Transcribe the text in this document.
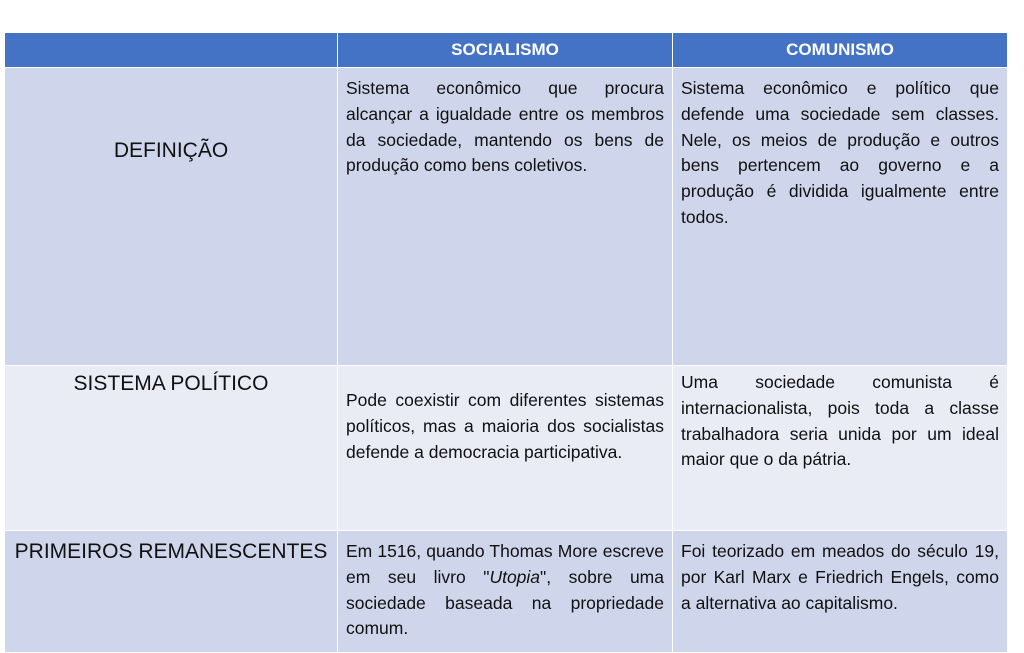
	SOCIALISMO	COMUNISMO
DEFINIÇÃO	Sistema econômico que procura alcançar a igualdade entre os membros da sociedade, mantendo os bens de produção como bens coletivos.	Sistema econômico e político que defende uma sociedade sem classes. Nele, os meios de produção e outros bens pertencem ao governo e a produção é dividida igualmente entre todos.
SISTEMA POLÍTICO	Pode coexistir com diferentes sistemas políticos, mas a maioria dos socialistas defende a democracia participativa.	Uma sociedade comunista é internacionalista, pois toda a classe trabalhadora seria unida por um ideal maior que o da pátria.
PRIMEIROS REMANESCENTES	Em 1516, quando Thomas More escreve em seu livro "Utopia", sobre uma sociedade baseada na propriedade comum.	Foi teorizado em meados do século 19, por Karl Marx e Friedrich Engels, como a alternativa ao capitalismo.
